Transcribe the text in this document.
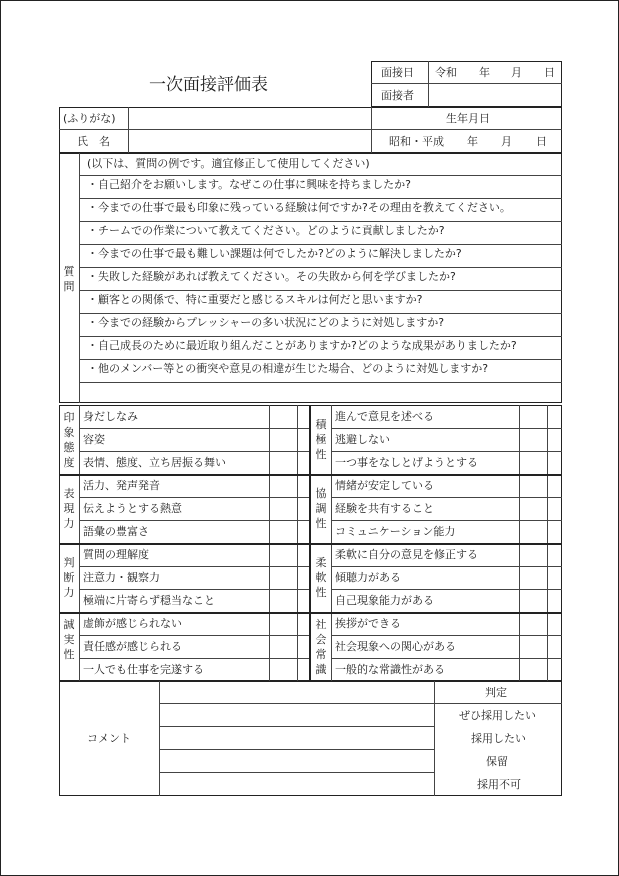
一次面接評価表
面接日 令和 年 月 日
面接者
(ふりがな)
氏　名
生年月日
昭和・平成 年 月 日
質
問
(以下は、質問の例です。適宜修正して使用してください)
・自己紹介をお願いします。なぜこの仕事に興味を持ちましたか?
・今までの仕事で最も印象に残っている経験は何ですか?その理由を教えてください。
・チームでの作業について教えてください。どのように貢献しましたか?
・今までの仕事で最も難しい課題は何でしたか?どのように解決しましたか?
・失敗した経験があれば教えてください。その失敗から何を学びましたか?
・顧客との関係で、特に重要だと感じるスキルは何だと思いますか?
・今までの経験からプレッシャーの多い状況にどのように対処しますか?
・自己成長のために最近取り組んだことがありますか?どのような成果がありましたか?
・他のメンバー等との衝突や意見の相違が生じた場合、どのように対処しますか?
印
象
態
度
積
極
性
身だしなみ	進んで意見を述べる
容姿	逃避しない
表情、態度、立ち居振る舞い	一つ事をなしとげようとする
表
現
力
協
調
性
活力、発声発音	情緒が安定している
伝えようとする熱意	経験を共有すること
語彙の豊富さ	コミュニケーション能力
判
断
力
柔
軟
性
質問の理解度	柔軟に自分の意見を修正する
注意力・観察力	傾聴力がある
極端に片寄らず穏当なこと	自己現象能力がある
誠
実
性
社
会
常
識
虚飾が感じられない	挨拶ができる
責任感が感じられる	社会現象への関心がある
一人でも仕事を完遂する	一般的な常識性がある
コメント
判定
ぜひ採用したい
採用したい
保留
採用不可
